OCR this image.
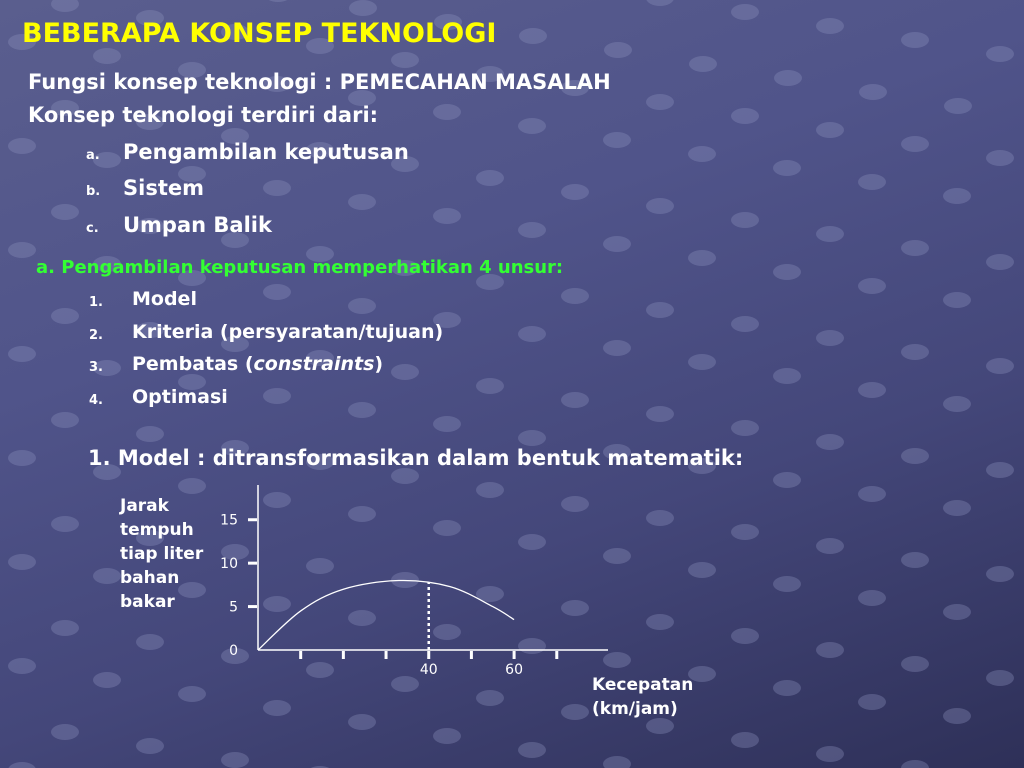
BEBERAPA KONSEP TEKNOLOGI
Fungsi konsep teknologi : PEMECAHAN MASALAH
Konsep teknologi terdiri dari:
a. Pengambilan keputusan
b. Sistem
c. Umpan Balik
a. Pengambilan keputusan memperhatikan 4 unsur:
1. Model
2. Kriteria (persyaratan/tujuan)
3. Pembatas (constraints)
4. Optimasi
1. Model : ditransformasikan dalam bentuk matematik:
Jarak tempuh tiap liter bahan bakar
Kecepatan (km/jam)
0
5
10
15
40	60
